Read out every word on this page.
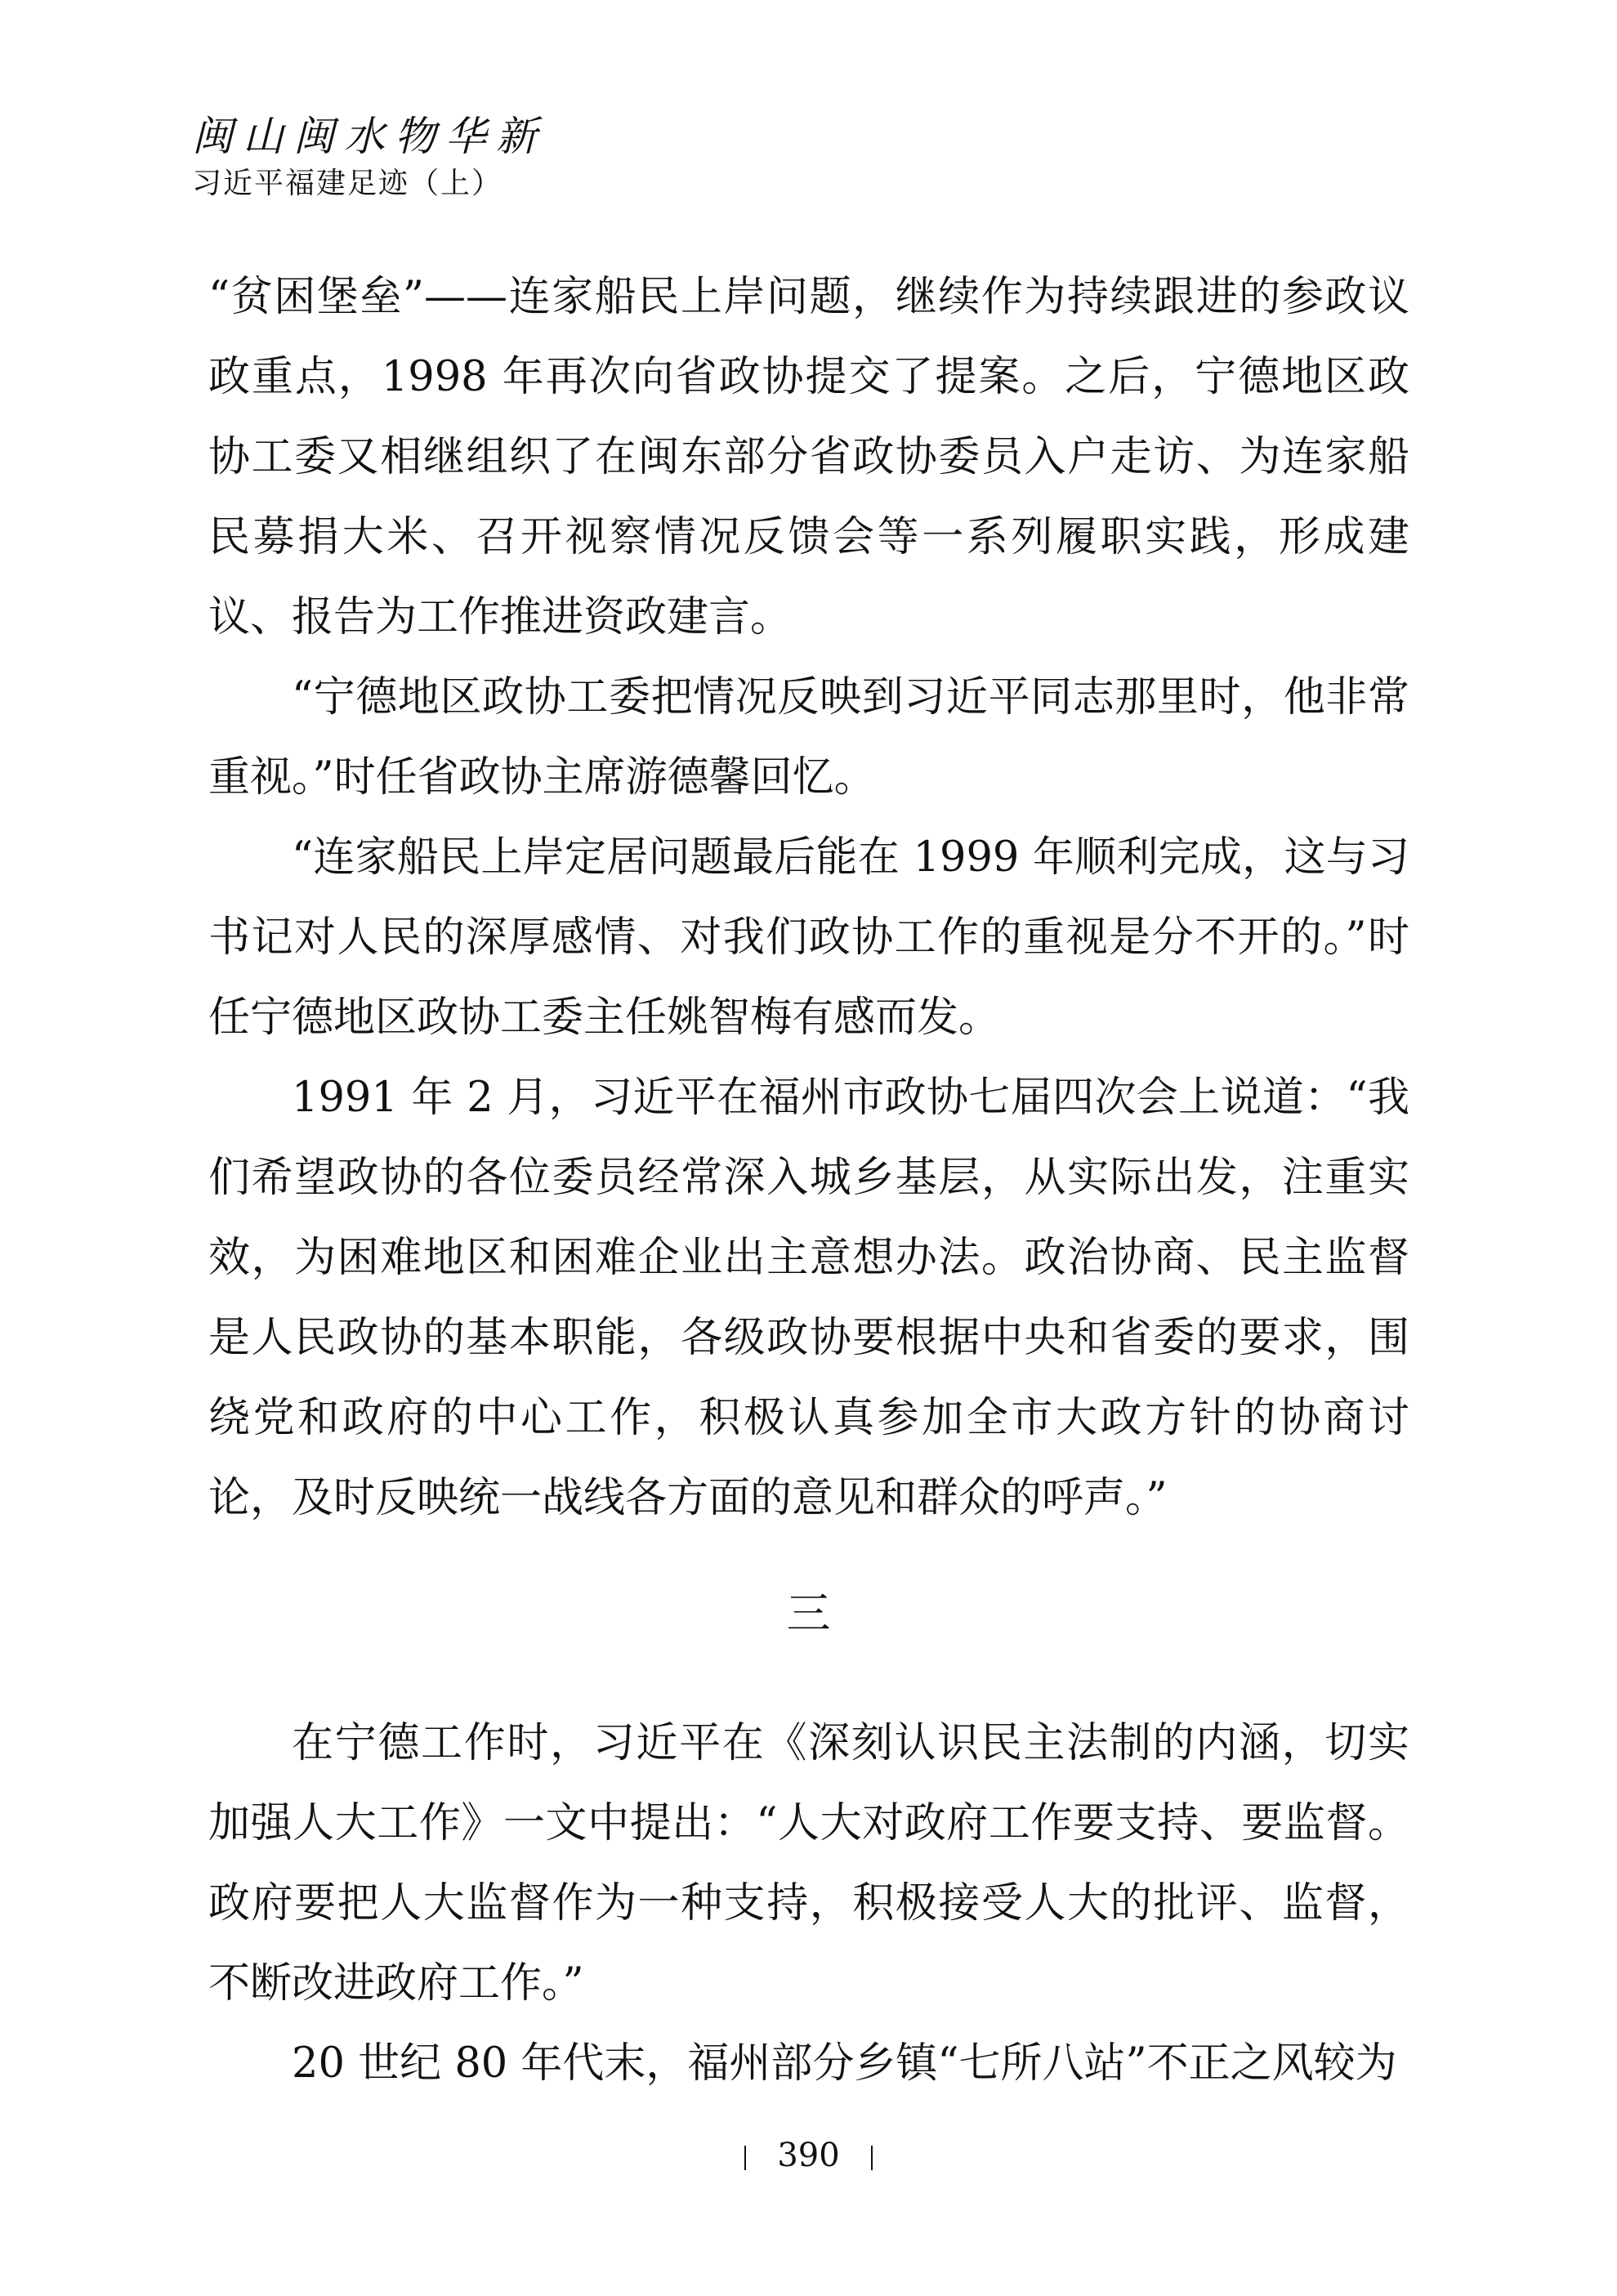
闽山闽水物华新
习近平福建足迹（上）

“贫困堡垒”——连家船民上岸问题，继续作为持续跟进的参政议政重点，1998 年再次向省政协提交了提案。之后，宁德地区政协工委又相继组织了在闽东部分省政协委员入户走访、为连家船民募捐大米、召开视察情况反馈会等一系列履职实践，形成建议、报告为工作推进资政建言。

“宁德地区政协工委把情况反映到习近平同志那里时，他非常重视。”时任省政协主席游德馨回忆。

“连家船民上岸定居问题最后能在 1999 年顺利完成，这与习书记对人民的深厚感情、对我们政协工作的重视是分不开的。”时任宁德地区政协工委主任姚智梅有感而发。

1991 年 2 月，习近平在福州市政协七届四次会上说道：“我们希望政协的各位委员经常深入城乡基层，从实际出发，注重实效，为困难地区和困难企业出主意想办法。政治协商、民主监督是人民政协的基本职能，各级政协要根据中央和省委的要求，围绕党和政府的中心工作，积极认真参加全市大政方针的协商讨论，及时反映统一战线各方面的意见和群众的呼声。”

三

在宁德工作时，习近平在《深刻认识民主法制的内涵，切实加强人大工作》一文中提出：“人大对政府工作要支持、要监督。政府要把人大监督作为一种支持，积极接受人大的批评、监督，不断改进政府工作。”

20 世纪 80 年代末，福州部分乡镇“七所八站”不正之风较为

390
